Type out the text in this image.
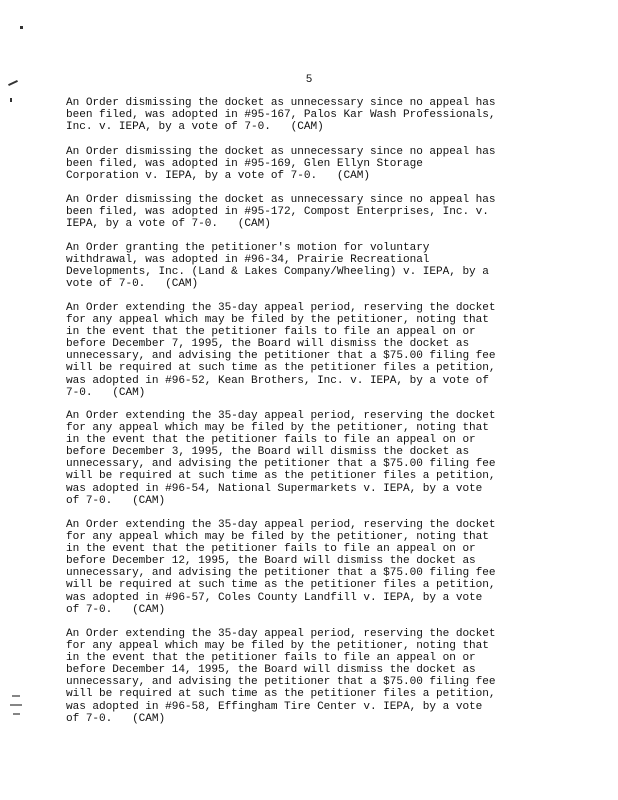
5

An Order dismissing the docket as unnecessary since no appeal has
been filed, was adopted in #95-167, Palos Kar Wash Professionals,
Inc. v. IEPA, by a vote of 7-0.   (CAM)

An Order dismissing the docket as unnecessary since no appeal has
been filed, was adopted in #95-169, Glen Ellyn Storage
Corporation v. IEPA, by a vote of 7-0.   (CAM)

An Order dismissing the docket as unnecessary since no appeal has
been filed, was adopted in #95-172, Compost Enterprises, Inc. v.
IEPA, by a vote of 7-0.   (CAM)

An Order granting the petitioner's motion for voluntary
withdrawal, was adopted in #96-34, Prairie Recreational
Developments, Inc. (Land & Lakes Company/Wheeling) v. IEPA, by a
vote of 7-0.   (CAM)

An Order extending the 35-day appeal period, reserving the docket
for any appeal which may be filed by the petitioner, noting that
in the event that the petitioner fails to file an appeal on or
before December 7, 1995, the Board will dismiss the docket as
unnecessary, and advising the petitioner that a $75.00 filing fee
will be required at such time as the petitioner files a petition,
was adopted in #96-52, Kean Brothers, Inc. v. IEPA, by a vote of
7-0.   (CAM)

An Order extending the 35-day appeal period, reserving the docket
for any appeal which may be filed by the petitioner, noting that
in the event that the petitioner fails to file an appeal on or
before December 3, 1995, the Board will dismiss the docket as
unnecessary, and advising the petitioner that a $75.00 filing fee
will be required at such time as the petitioner files a petition,
was adopted in #96-54, National Supermarkets v. IEPA, by a vote
of 7-0.   (CAM)

An Order extending the 35-day appeal period, reserving the docket
for any appeal which may be filed by the petitioner, noting that
in the event that the petitioner fails to file an appeal on or
before December 12, 1995, the Board will dismiss the docket as
unnecessary, and advising the petitioner that a $75.00 filing fee
will be required at such time as the petitioner files a petition,
was adopted in #96-57, Coles County Landfill v. IEPA, by a vote
of 7-0.   (CAM)

An Order extending the 35-day appeal period, reserving the docket
for any appeal which may be filed by the petitioner, noting that
in the event that the petitioner fails to file an appeal on or
before December 14, 1995, the Board will dismiss the docket as
unnecessary, and advising the petitioner that a $75.00 filing fee
will be required at such time as the petitioner files a petition,
was adopted in #96-58, Effingham Tire Center v. IEPA, by a vote
of 7-0.   (CAM)
